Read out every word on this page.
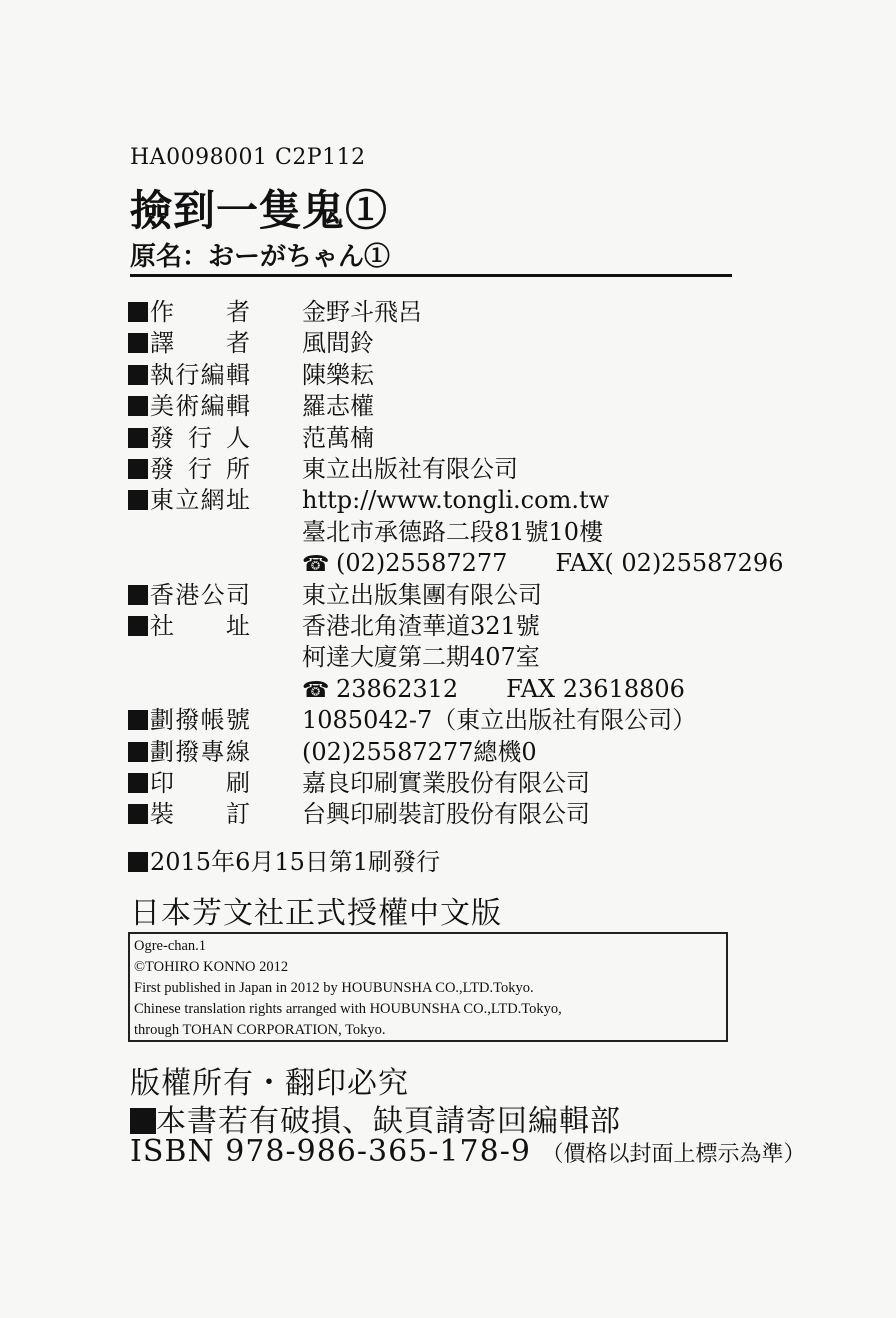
HA0098001 C2P112
撿到一隻鬼①
原名：おーがちゃん①
作　者 金野斗飛呂
譯　者 風間鈴
執行編輯 陳樂耘
美術編輯 羅志權
發行人 范萬楠
發行所 東立出版社有限公司
東立網址 http://www.tongli.com.tw
臺北市承德路二段81號10樓
☎ (02)25587277 FAX( 02)25587296
香港公司 東立出版集團有限公司
社　址 香港北角渣華道321號
柯達大廈第二期407室
☎ 23862312 FAX 23618806
劃撥帳號 1085042-7（東立出版社有限公司）
劃撥專線 (02)25587277總機0
印　刷 嘉良印刷實業股份有限公司
裝　訂 台興印刷裝訂股份有限公司
2015年6月15日第1刷發行
日本芳文社正式授權中文版
Ogre-chan.1
©TOHIRO KONNO 2012
First published in Japan in 2012 by HOUBUNSHA CO.,LTD.Tokyo.
Chinese translation rights arranged with HOUBUNSHA CO.,LTD.Tokyo,
through TOHAN CORPORATION, Tokyo.
版權所有・翻印必究
本書若有破損、缺頁請寄回編輯部
ISBN 978-986-365-178-9 （價格以封面上標示為準）
